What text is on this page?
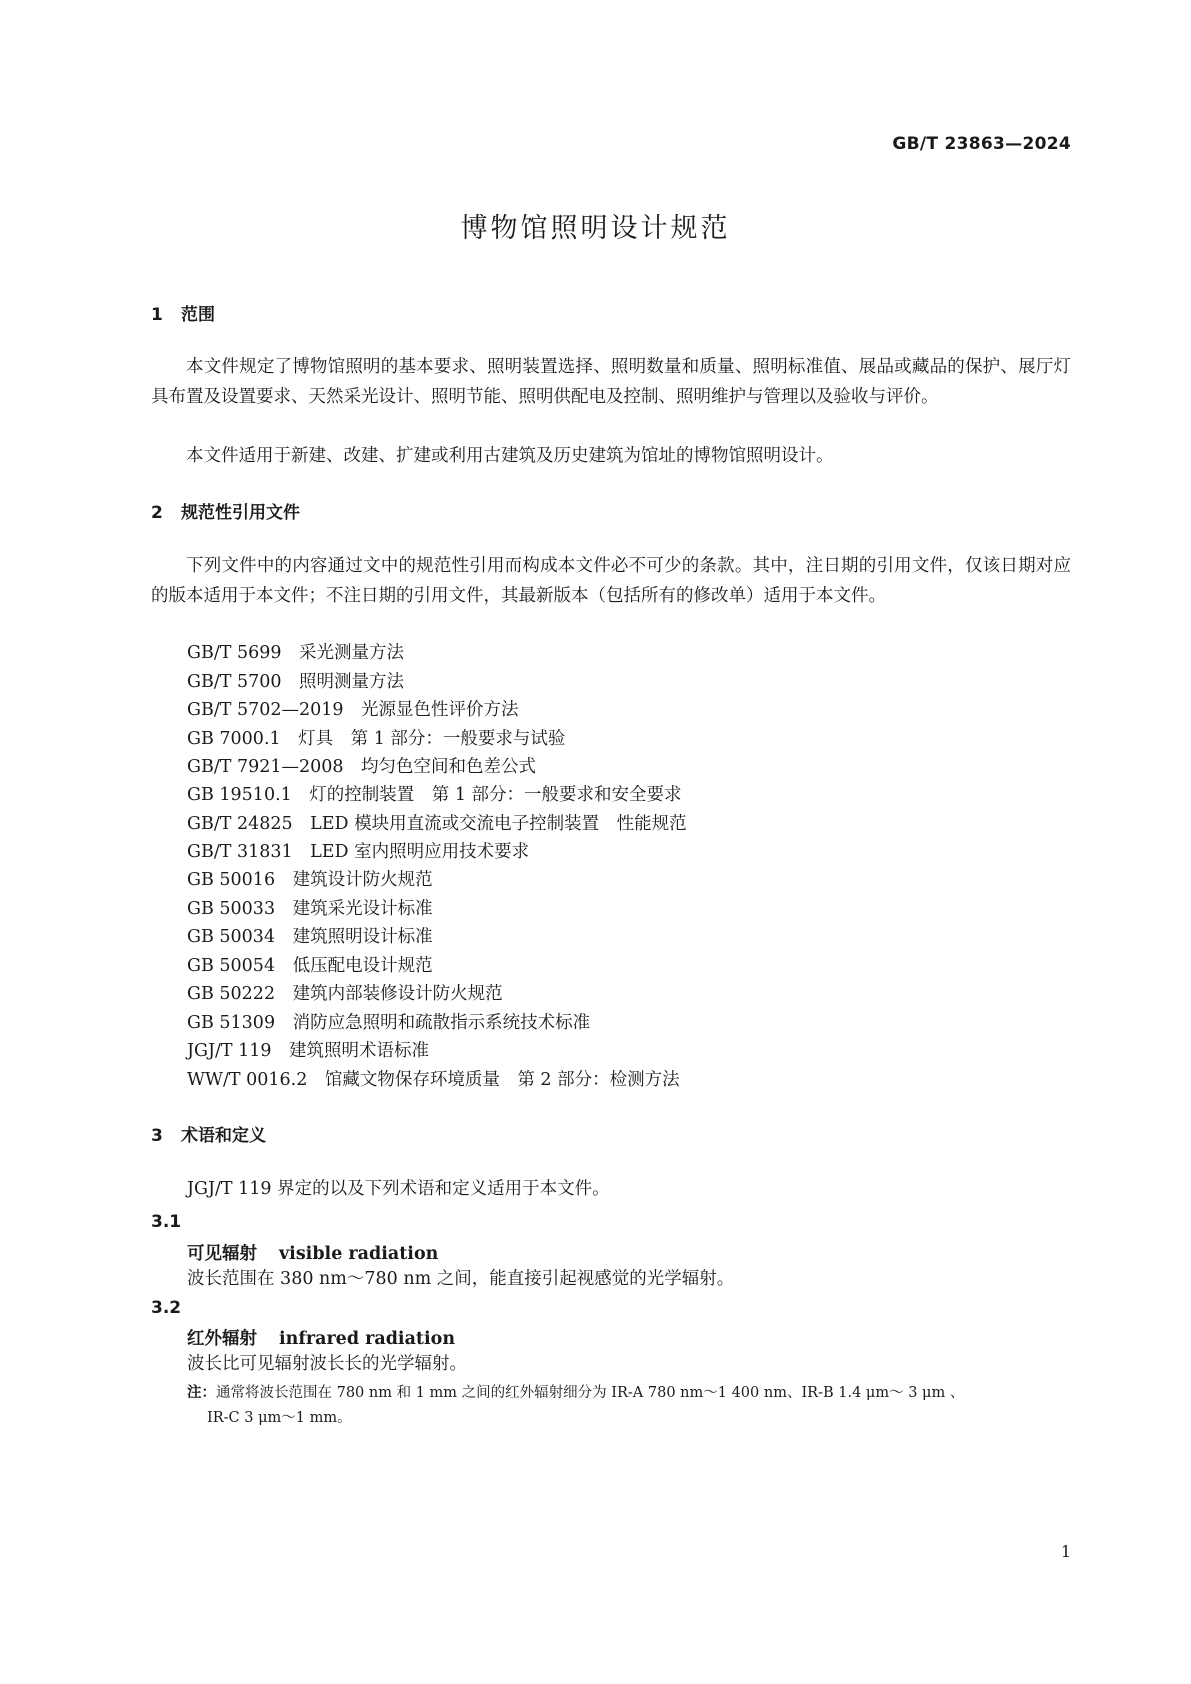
GB/T 23863—2024
博物馆照明设计规范
1 范围
本文件规定了博物馆照明的基本要求、照明装置选择、照明数量和质量、照明标准值、展品或藏品的保护、展厅灯具布置及设置要求、天然采光设计、照明节能、照明供配电及控制、照明维护与管理以及验收与评价。
本文件适用于新建、改建、扩建或利用古建筑及历史建筑为馆址的博物馆照明设计。
2 规范性引用文件
下列文件中的内容通过文中的规范性引用而构成本文件必不可少的条款。其中，注日期的引用文件，仅该日期对应的版本适用于本文件；不注日期的引用文件，其最新版本（包括所有的修改单）适用于本文件。
GB/T 5699　采光测量方法
GB/T 5700　照明测量方法
GB/T 5702—2019　光源显色性评价方法
GB 7000.1　灯具　第 1 部分：一般要求与试验
GB/T 7921—2008　均匀色空间和色差公式
GB 19510.1　灯的控制装置　第 1 部分：一般要求和安全要求
GB/T 24825　LED 模块用直流或交流电子控制装置　性能规范
GB/T 31831　LED 室内照明应用技术要求
GB 50016　建筑设计防火规范
GB 50033　建筑采光设计标准
GB 50034　建筑照明设计标准
GB 50054　低压配电设计规范
GB 50222　建筑内部装修设计防火规范
GB 51309　消防应急照明和疏散指示系统技术标准
JGJ/T 119　建筑照明术语标准
WW/T 0016.2　馆藏文物保存环境质量　第 2 部分：检测方法
3 术语和定义
JGJ/T 119 界定的以及下列术语和定义适用于本文件。
3.1
可见辐射 visible radiation
波长范围在 380 nm～780 nm 之间，能直接引起视感觉的光学辐射。
3.2
红外辐射 infrared radiation
波长比可见辐射波长长的光学辐射。
注：通常将波长范围在 780 nm 和 1 mm 之间的红外辐射细分为 IR-A 780 nm～1 400 nm、IR-B 1.4 μm～ 3 μm 、
IR-C 3 μm～1 mm。
1
